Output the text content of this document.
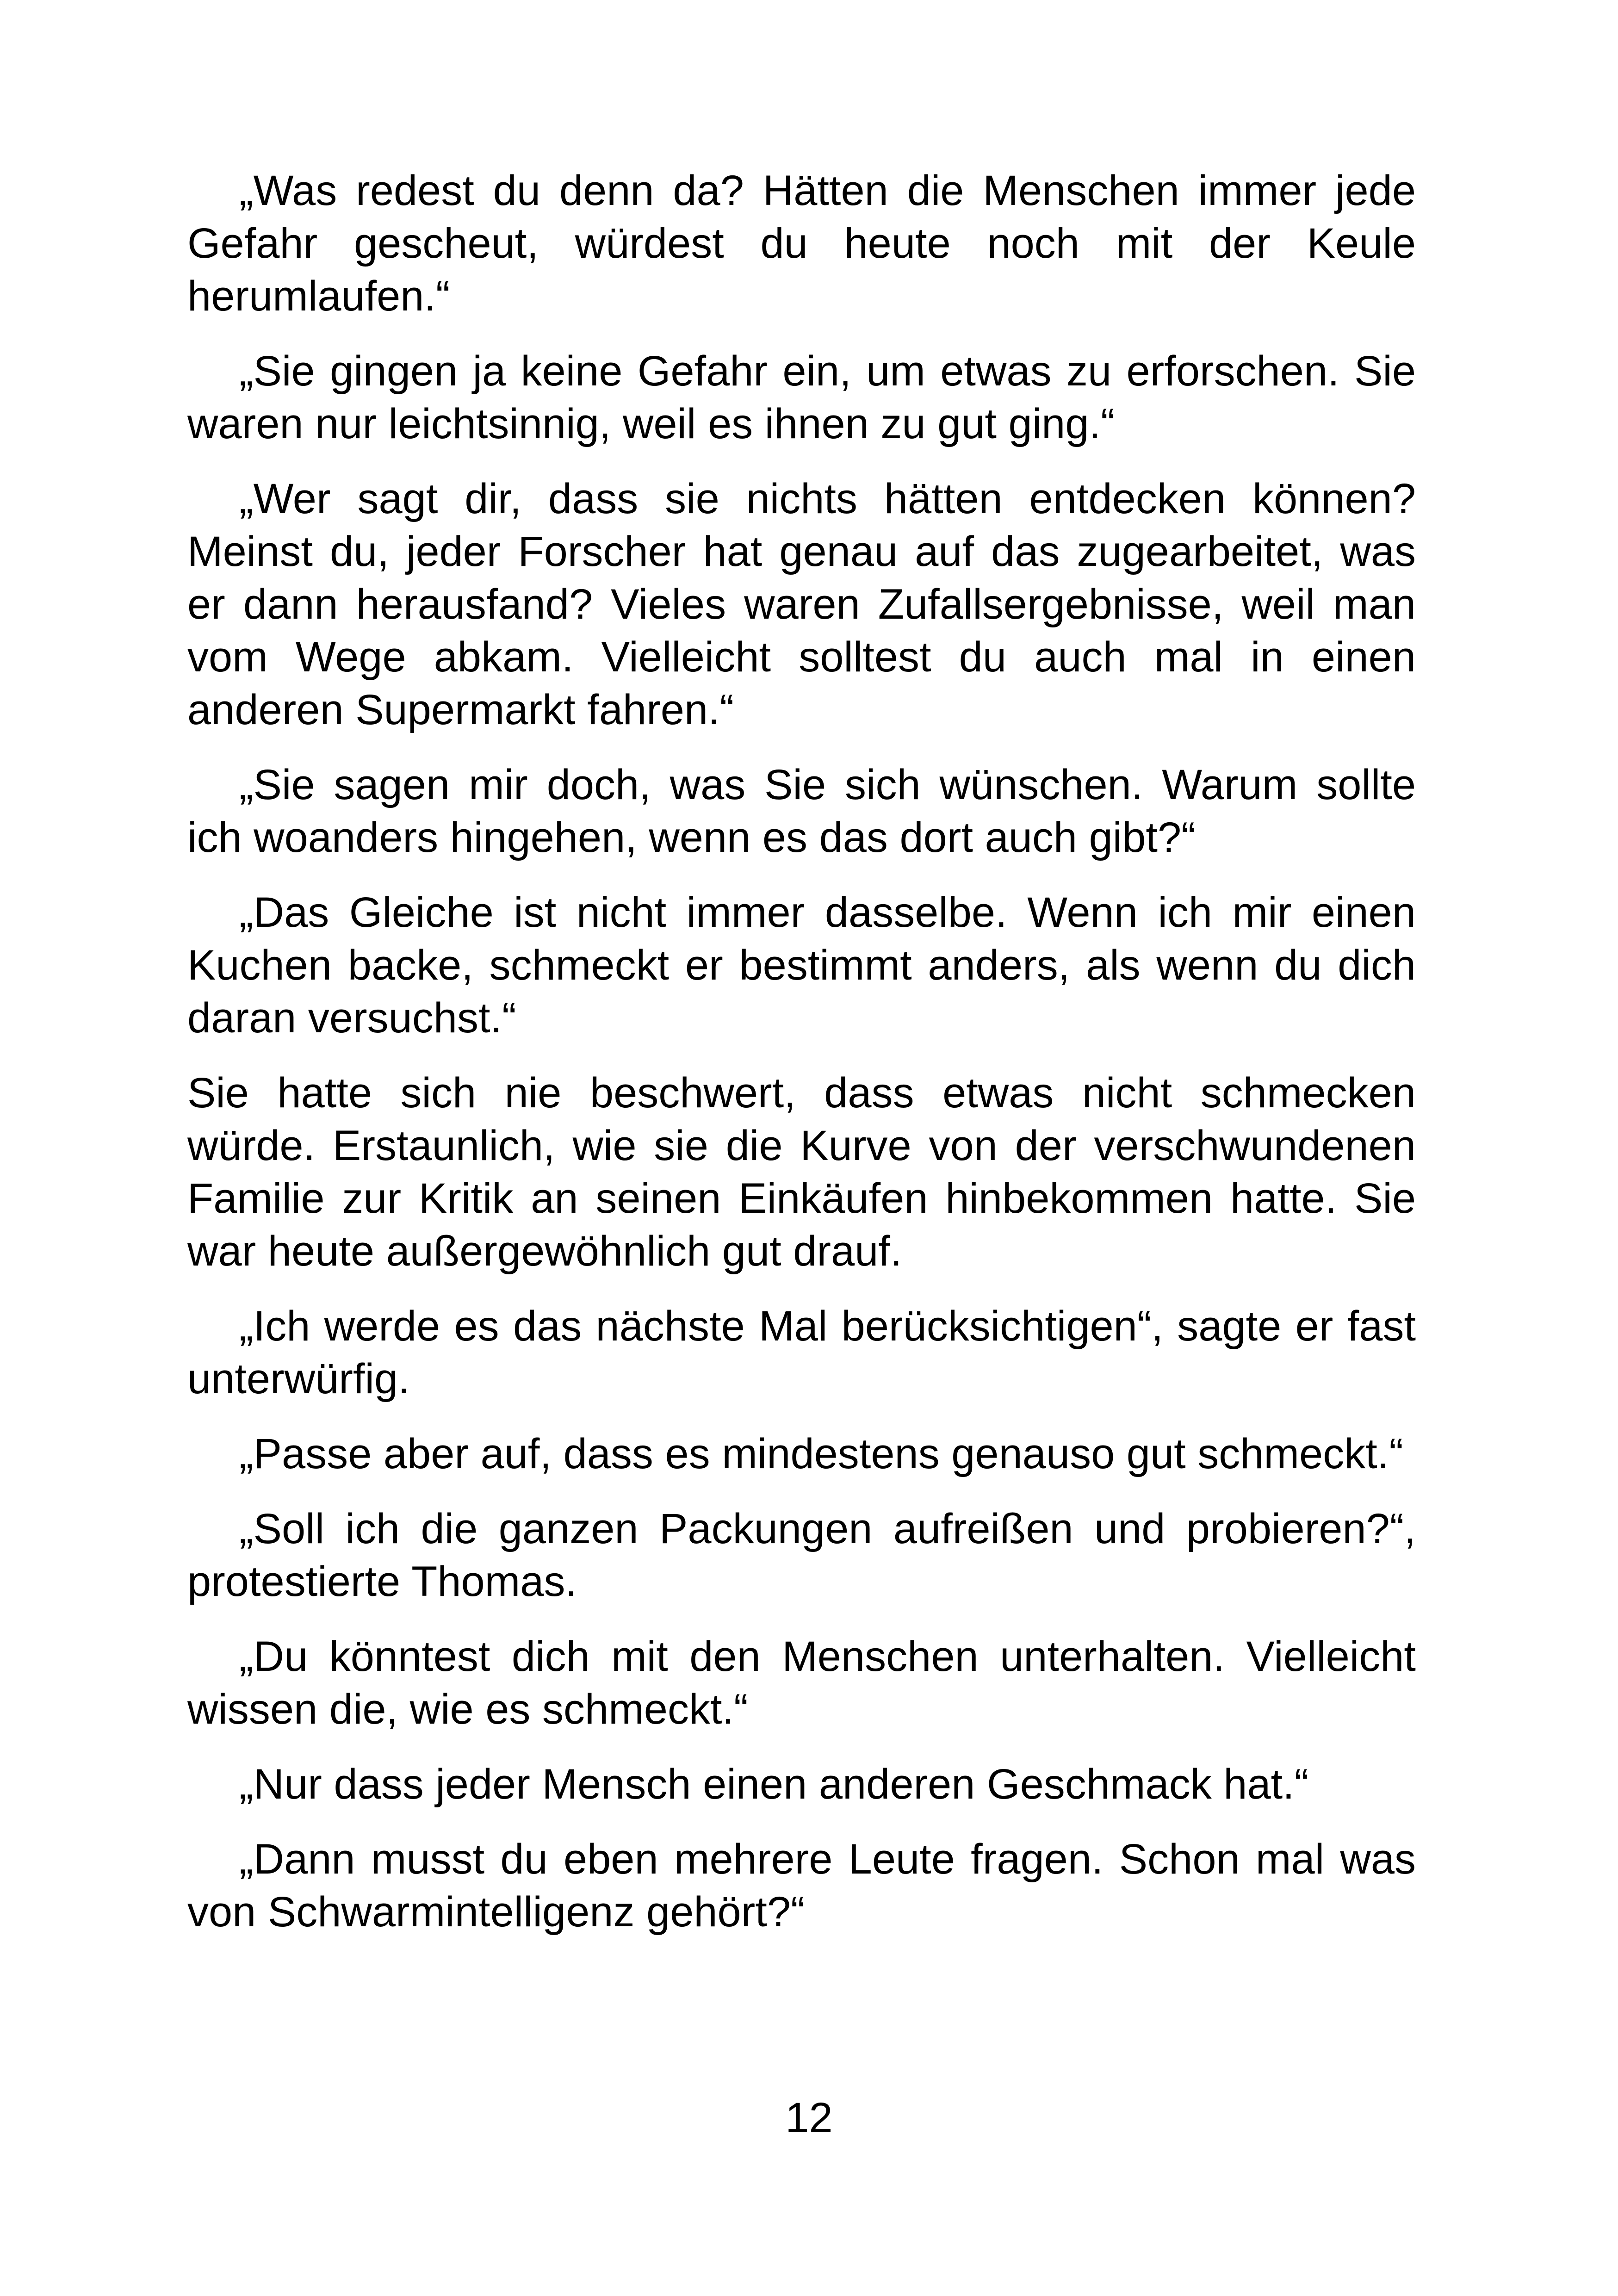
„Was redest du denn da? Hätten die Menschen immer jede Gefahr gescheut, würdest du heute noch mit der Keule herumlaufen.“

„Sie gingen ja keine Gefahr ein, um etwas zu erforschen. Sie waren nur leichtsinnig, weil es ihnen zu gut ging.“

„Wer sagt dir, dass sie nichts hätten entdecken können? Meinst du, jeder Forscher hat genau auf das zugearbeitet, was er dann herausfand? Vieles waren Zufallsergebnisse, weil man vom Wege abkam. Vielleicht solltest du auch mal in einen anderen Supermarkt fahren.“

„Sie sagen mir doch, was Sie sich wünschen. Warum sollte ich woanders hingehen, wenn es das dort auch gibt?“

„Das Gleiche ist nicht immer dasselbe. Wenn ich mir einen Kuchen backe, schmeckt er bestimmt anders, als wenn du dich daran versuchst.“

Sie hatte sich nie beschwert, dass etwas nicht schmecken würde. Erstaunlich, wie sie die Kurve von der verschwundenen Familie zur Kritik an seinen Einkäufen hinbekommen hatte. Sie war heute außergewöhnlich gut drauf.

„Ich werde es das nächste Mal berücksichtigen“, sagte er fast unterwürfig.

„Passe aber auf, dass es mindestens genauso gut schmeckt.“

„Soll ich die ganzen Packungen aufreißen und probieren?“, protestierte Thomas.

„Du könntest dich mit den Menschen unterhalten. Vielleicht wissen die, wie es schmeckt.“

„Nur dass jeder Mensch einen anderen Geschmack hat.“

„Dann musst du eben mehrere Leute fragen. Schon mal was von Schwarmintelligenz gehört?“

12
